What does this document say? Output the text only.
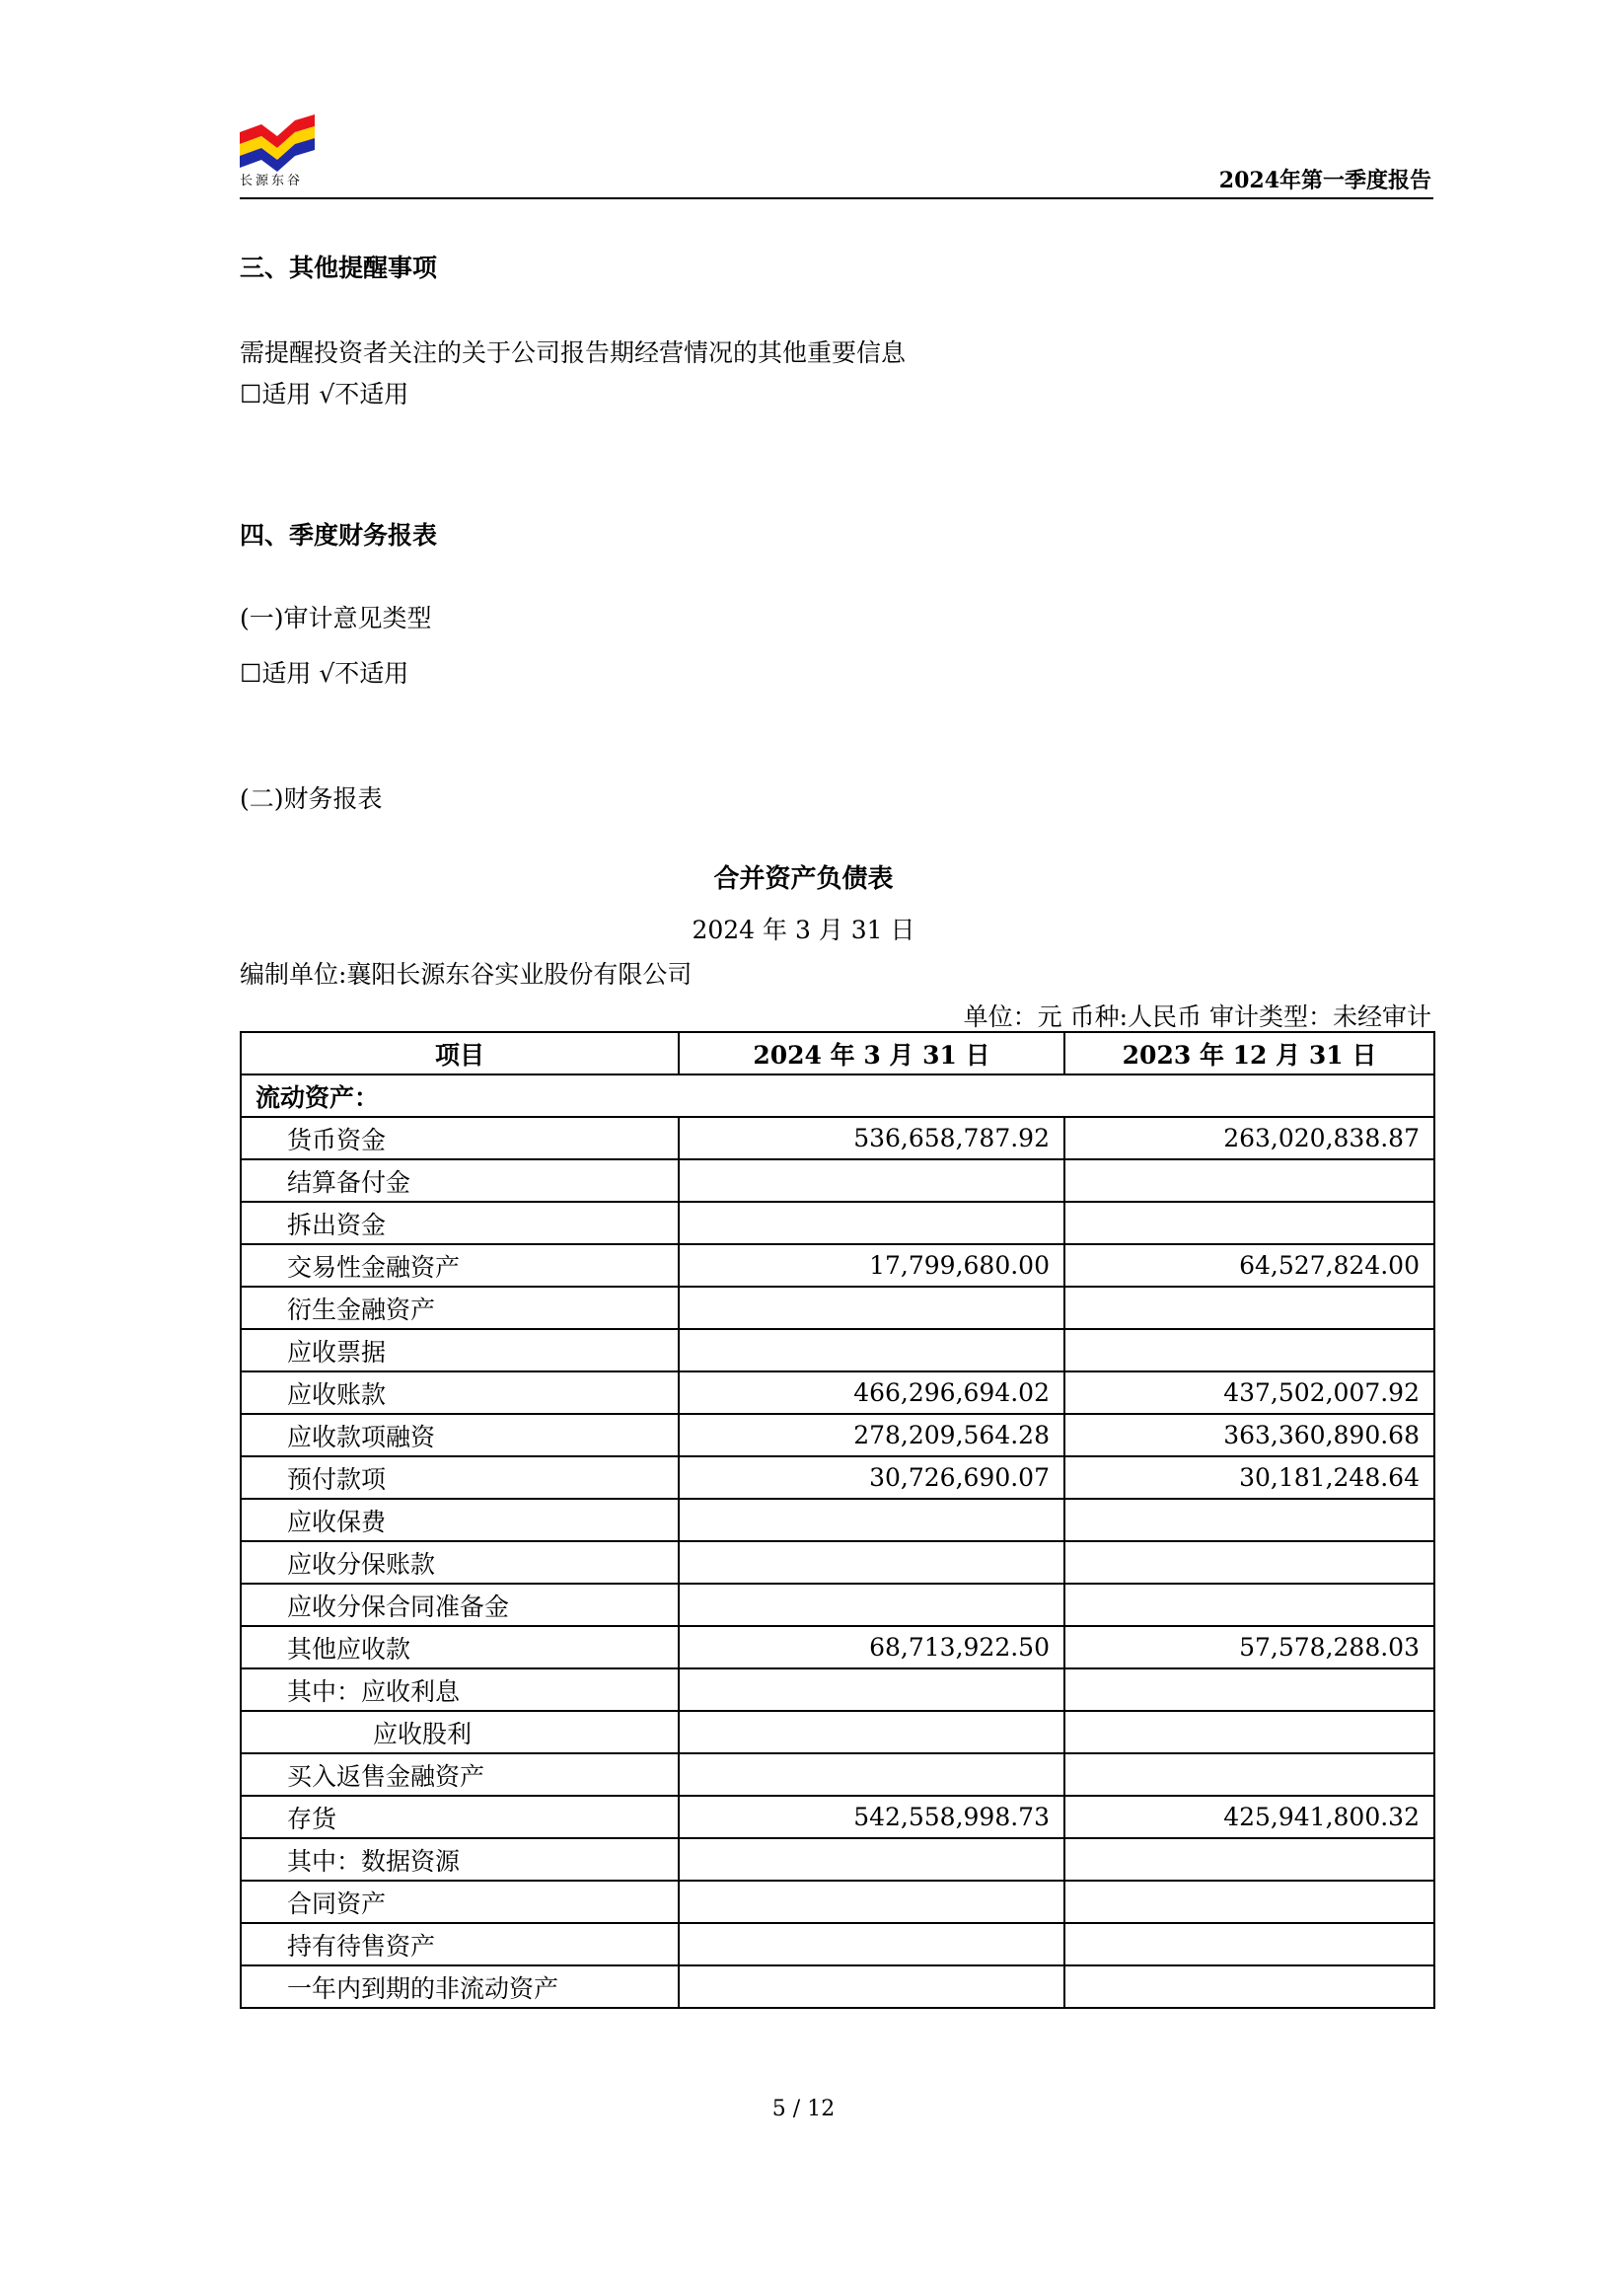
长源东谷	2024年第一季度报告
三、其他提醒事项
需提醒投资者关注的关于公司报告期经营情况的其他重要信息
☐适用 √不适用
四、季度财务报表
(一)审计意见类型
☐适用 √不适用
(二)财务报表
合并资产负债表
2024 年 3 月 31 日
编制单位:襄阳长源东谷实业股份有限公司
单位：元 币种:人民币 审计类型：未经审计
项目	2024 年 3 月 31 日	2023 年 12 月 31 日
流动资产：		
货币资金	536,658,787.92	263,020,838.87
结算备付金		
拆出资金		
交易性金融资产	17,799,680.00	64,527,824.00
衍生金融资产		
应收票据		
应收账款	466,296,694.02	437,502,007.92
应收款项融资	278,209,564.28	363,360,890.68
预付款项	30,726,690.07	30,181,248.64
应收保费		
应收分保账款		
应收分保合同准备金		
其他应收款	68,713,922.50	57,578,288.03
其中：应收利息		
应收股利		
买入返售金融资产		
存货	542,558,998.73	425,941,800.32
其中：数据资源		
合同资产		
持有待售资产		
一年内到期的非流动资产		
5 / 12
